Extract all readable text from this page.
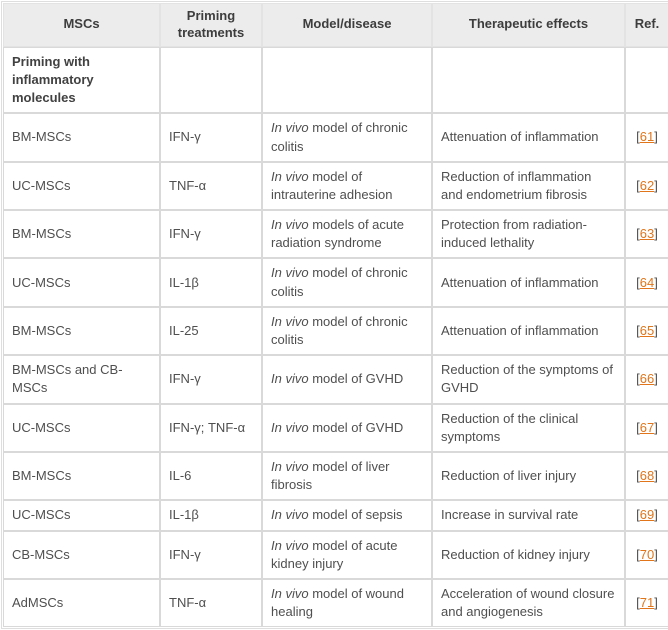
MSCs	Priming treatments	Model/disease	Therapeutic effects	Ref.
Priming with inflammatory molecules				
BM-MSCs	IFN-γ	In vivo model of chronic colitis	Attenuation of inflammation	[61]
UC-MSCs	TNF-α	In vivo model of intrauterine adhesion	Reduction of inflammation and endometrium fibrosis	[62]
BM-MSCs	IFN-γ	In vivo models of acute radiation syndrome	Protection from radiation-induced lethality	[63]
UC-MSCs	IL-1β	In vivo model of chronic colitis	Attenuation of inflammation	[64]
BM-MSCs	IL-25	In vivo model of chronic colitis	Attenuation of inflammation	[65]
BM-MSCs and CB-MSCs	IFN-γ	In vivo model of GVHD	Reduction of the symptoms of GVHD	[66]
UC-MSCs	IFN-γ; TNF-α	In vivo model of GVHD	Reduction of the clinical symptoms	[67]
BM-MSCs	IL-6	In vivo model of liver fibrosis	Reduction of liver injury	[68]
UC-MSCs	IL-1β	In vivo model of sepsis	Increase in survival rate	[69]
CB-MSCs	IFN-γ	In vivo model of acute kidney injury	Reduction of kidney injury	[70]
AdMSCs	TNF-α	In vivo model of wound healing	Acceleration of wound closure and angiogenesis	[71]
